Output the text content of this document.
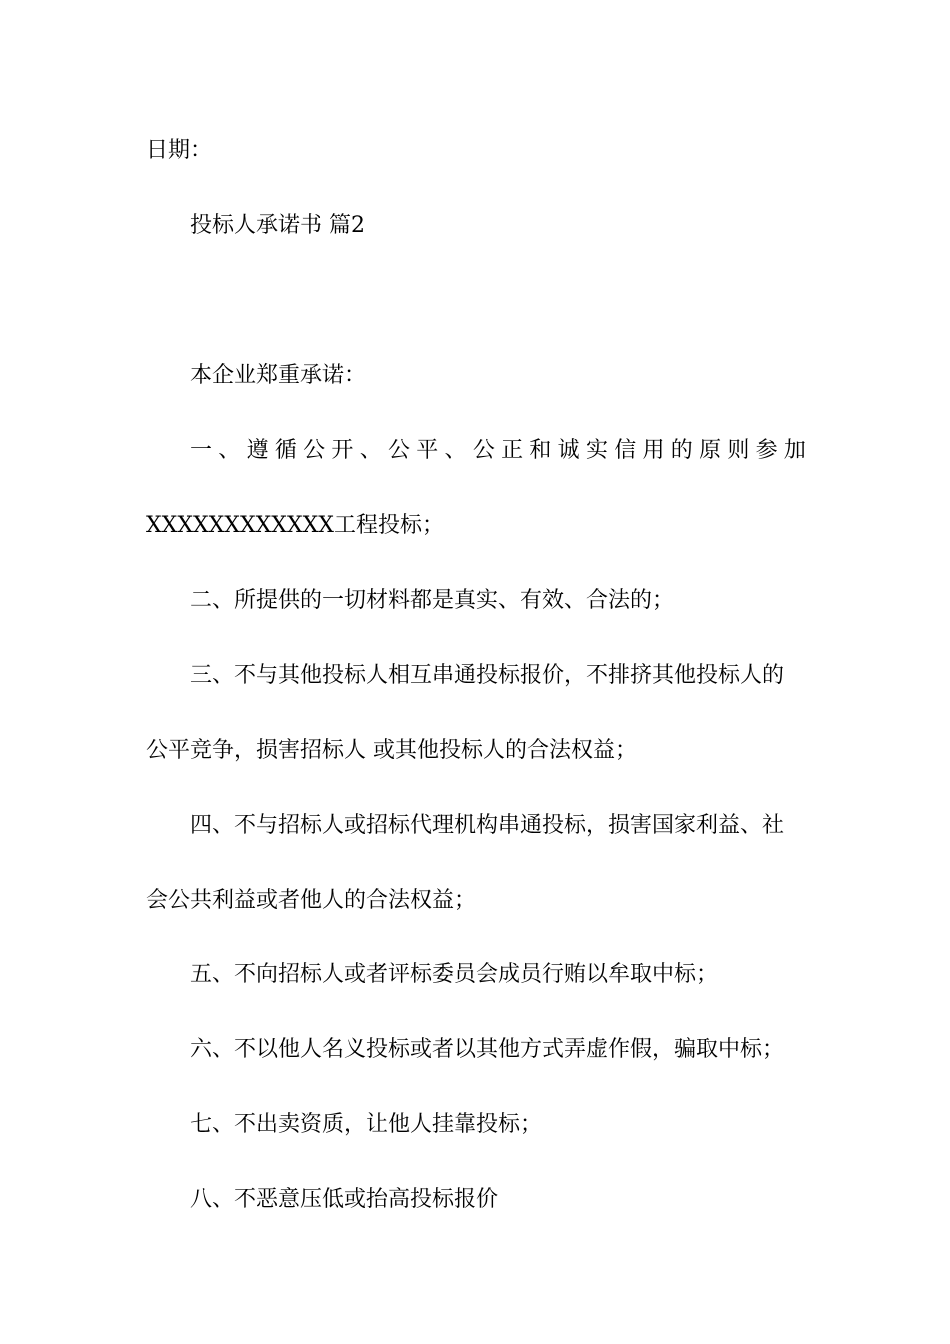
日期：
投标人承诺书 篇2
本企业郑重承诺：
一 、 遵 循 公 开 、 公 平 、 公 正 和 诚 实 信 用 的 原 则 参 加
XXXXXXXXXXXX工程投标；
二、所提供的一切材料都是真实、有效、合法的；
三、不与其他投标人相互串通投标报价，不排挤其他投标人的
公平竞争，损害招标人 或其他投标人的合法权益；
四、不与招标人或招标代理机构串通投标，损害国家利益、社
会公共利益或者他人的合法权益；
五、不向招标人或者评标委员会成员行贿以牟取中标；
六、不以他人名义投标或者以其他方式弄虚作假，骗取中标；
七、不出卖资质，让他人挂靠投标；
八、不恶意压低或抬高投标报价
